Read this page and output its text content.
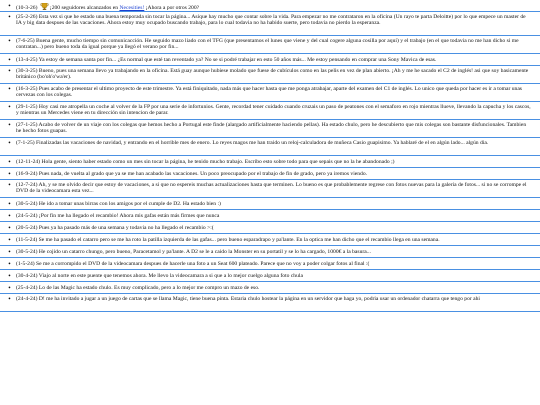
• (10-3-26) ¡200 seguidores alcanzados en Necesities! ¡Ahora a por otros 200?
• (25-2-26) Esta vez si que he estado una buena temporada sin tocar la página... Asique hay mucho que contar sobre la vida. Para empezar no me contrataron en la oficina (Un rayo te parta Deloitte) por lo que empece un master de IA y big data despues de las vacaciones. Ahora estoy muy ocupado buscando trabajo, para lo cual todavia no ha habido suerte, pero todavia no pierdo la esperanza.
• (7-6-25) Buena gente, mucho tiempo sin comunicacción. He seguido mazo liado con el TFG (que presentamos el lunes que viene y del cual cogere alguna cosilla por aquí) y el trabajo (en el que todavia no me han dicho si me contratan...) pero bueno toda da igual porque ya llegó el verano por fin...
• (13-4-25) Ya estoy de semana santa por fin... ¿Es normal que esté tan reventado ya? No se si podré trabajar en esto 50 años más... Me estoy pensando en comprar una Sony Mavica de esas.
• (30-3-25) Bueno, pues una semana llevo ya trabajando en la oficina. Está guay aunque hubiese molado que fuese de cubículos como en las pelis en vez de plan abierto. ¡Ah y me he sacado el C2 de inglés! asi que soy basicamente británico (bo'oh'o'wa'er).
• (16-3-25) Pues acabo de presentar el ultimo proyecto de este trimestre. Ya está finiquitado, nada más que hacer hasta que me ponga atrabajar, aparte del examen del C1 de inglés. Lo unico que queda por hacer es ir a tomar unas cervezas con los colegas.
• (29-1-25) Hoy casi me atropella un coche al volver de la FP por una serie de infortunios. Gente, recordad tener cuidado cuando cruzais un paso de peatones con el semaforo en rojo mientras llueve, llevando la capucha y los cascos, y mientras un Mercedes viene en tu dirección sin intencion de parar.
• (27-1-25) Acabo de volver de un viaje con los colegas que hemos hecho a Portugal este finde (alargado artificialmente haciendo pellas). Ha estado chulo, pero he descubierto que mis colegas son bastante disfuncionales. Tambien he hecho fotos guapas.
• (7-1-25) Finalizadas las vacaciones de navidad, y entrando en el horrible mes de enero. Lo reyes magos me han traido un reloj-calculadora de muñeca Casio guapisimo. Ya hablaré de el en algún lado... algún dia.
• (12-11-24) Hola gente, siento haber estado como un mes sin tocar la página, he tenido mucho trabajo. Escribo esto sobre todo para que sepais que no la he abandonado ;)
• (16-9-24) Pues nada, de vuelta al grado que ya se me han acabado las vacaciones. Un poco preocupado por el trabajo de fin de grado, pero ya iremos viendo.
• (12-7-24) Ah, y se me olvido decir que estoy de vacaciones, a si que no espereis muchas actualizaciones hasta que terminen. Lo bueno es que probablemente regrese con fotos nuevas para la galeria de fotos... si no se corrompe el DVD de la videocamara esta vez...
• (30-5-24) He ido a tomar unas birras con los amigos por el cumple de D2. Ha estado bien :)
• (24-5-24) ¡Por fin me ha llegado el recambio! Ahora mis gafas están más firmes que nunca
• (20-5-24) Pues ya ha pasado más de una semana y todavia no ha llegado el recambio >:(
• (11-5-24) Se me ha pasado el catarro pero se me ha roto la patilla izquierda de las gafas... pero bueno esparadrapo y pa'lante. En la optica me han dicho que el recambio llega en una semana.
• (30-5-24) He cojido un catarro chungo, pero bueno, Paracetamol y pa'lante. A D2 se le a caido la Monster en su portatil y se lo ha cargado, 1000€ a la basura...
• (1-5-24) Se me a corrompido el DVD de la videocamara despues de hacerle una foto a un Seat 600 plateado. Parece que no voy a poder colgar fotos al final :(
• (30-4-24) Viajo al norte en este puente que tenemos ahora. Me llevo la videocamara a si que a lo mejor cuelgo alguna foto chula
• (25-4-24) Lo de las Magic ha estado chulo. Es muy complicado, pero a lo mejor me compro un mazo de eso.
• (24-4-24) D! me ha invitado a jugar a un juego de cartas que se llama Magic, tiene buena pinta. Estaria chulo hostear la página en un servidor que haga yo, podria usar un ordenador chatarra que tengo por ahi
